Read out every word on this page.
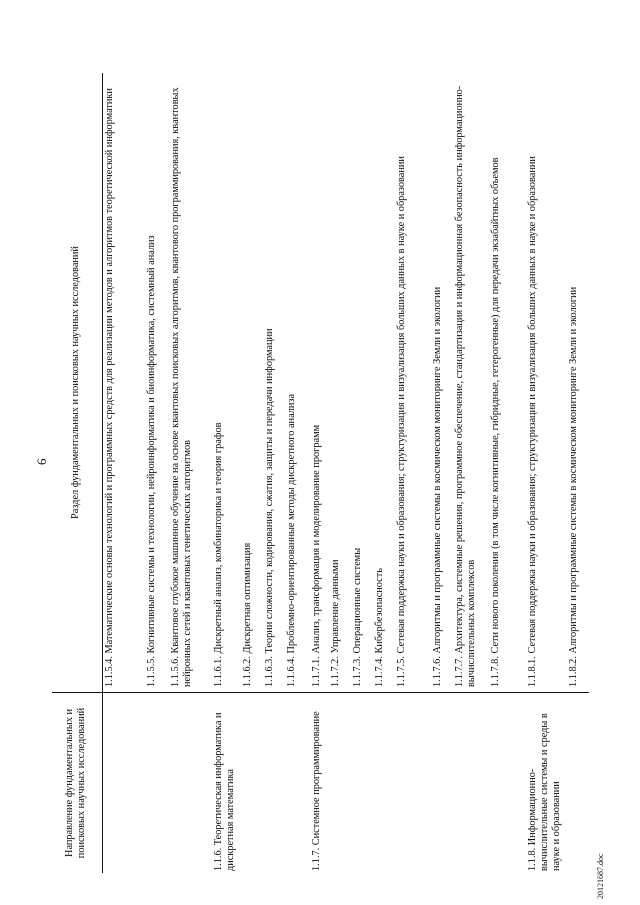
6
Направление фундаментальных и поисковых научных исследований	Раздел фундаментальных и поисковых научных исследований
	1.1.5.4. Математические основы технологий и программных средств для реализации методов и алгоритмов теоретической информатики
	1.1.5.5. Когнитивные системы и технологии, нейроинформатика и биоинформатика, системный анализ
	1.1.5.6. Квантовое глубокое машинное обучение на основе квантовых поисковых алгоритмов, квантового программирования, квантовых нейронных сетей и квантовых генетических алгоритмов
1.1.6. Теоретическая информатика и дискретная математика	1.1.6.1. Дискретный анализ, комбинаторика и теория графов
	1.1.6.2. Дискретная оптимизация
	1.1.6.3. Теории сложности, кодирования, сжатия, защиты и передачи информации
	1.1.6.4. Проблемно-ориентированные методы дискретного анализа
1.1.7. Системное программирование	1.1.7.1. Анализ, трансформация и моделирование программ
	1.1.7.2. Управление данными
	1.1.7.3. Операционные системы
	1.1.7.4. Кибербезопасность
	1.1.7.5. Сетевая поддержка науки и образования; структуризация и визуализация больших данных в науке и образовании
	1.1.7.6. Алгоритмы и программные системы в космическом мониторинге Земли и экологии
	1.1.7.7. Архитектура, системные решения, программное обеспечение, стандартизация и информационная безопасность информационно-вычислительных комплексов
	1.1.7.8. Сети нового поколения (в том числе когнитивные, гибридные, гетерогенные) для передачи экзабайтных объемов
1.1.8. Информационно-вычислительные системы и среды в науке и образовании	1.1.8.1. Сетевая поддержка науки и образования; структуризация и визуализация больших данных в науке и образовании
	1.1.8.2. Алгоритмы и программные системы в космическом мониторинге Земли и экологии
20121687.doc
